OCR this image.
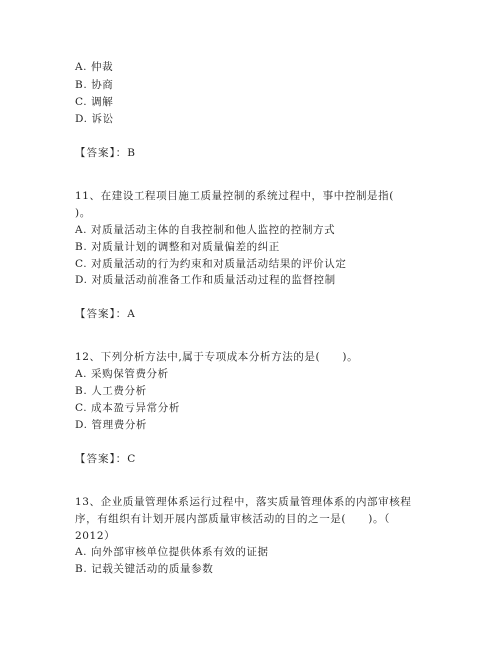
A. 仲裁
B. 协商
C. 调解
D. 诉讼
【答案】：B
11、在建设工程项目施工质量控制的系统过程中，事中控制是指(
)。
A. 对质量活动主体的自我控制和他人监控的控制方式
B. 对质量计划的调整和对质量偏差的纠正
C. 对质量活动的行为约束和对质量活动结果的评价认定
D. 对质量活动前准备工作和质量活动过程的监督控制
【答案】：A
12、下列分析方法中,属于专项成本分析方法的是(　　)。
A. 采购保管费分析
B. 人工费分析
C. 成本盈亏异常分析
D. 管理费分析
【答案】：C
13、企业质量管理体系运行过程中，落实质量管理体系的内部审核程
序，有组织有计划开展内部质量审核活动的目的之一是(　　)。（
2012）
A. 向外部审核单位提供体系有效的证据
B. 记载关键活动的质量参数
